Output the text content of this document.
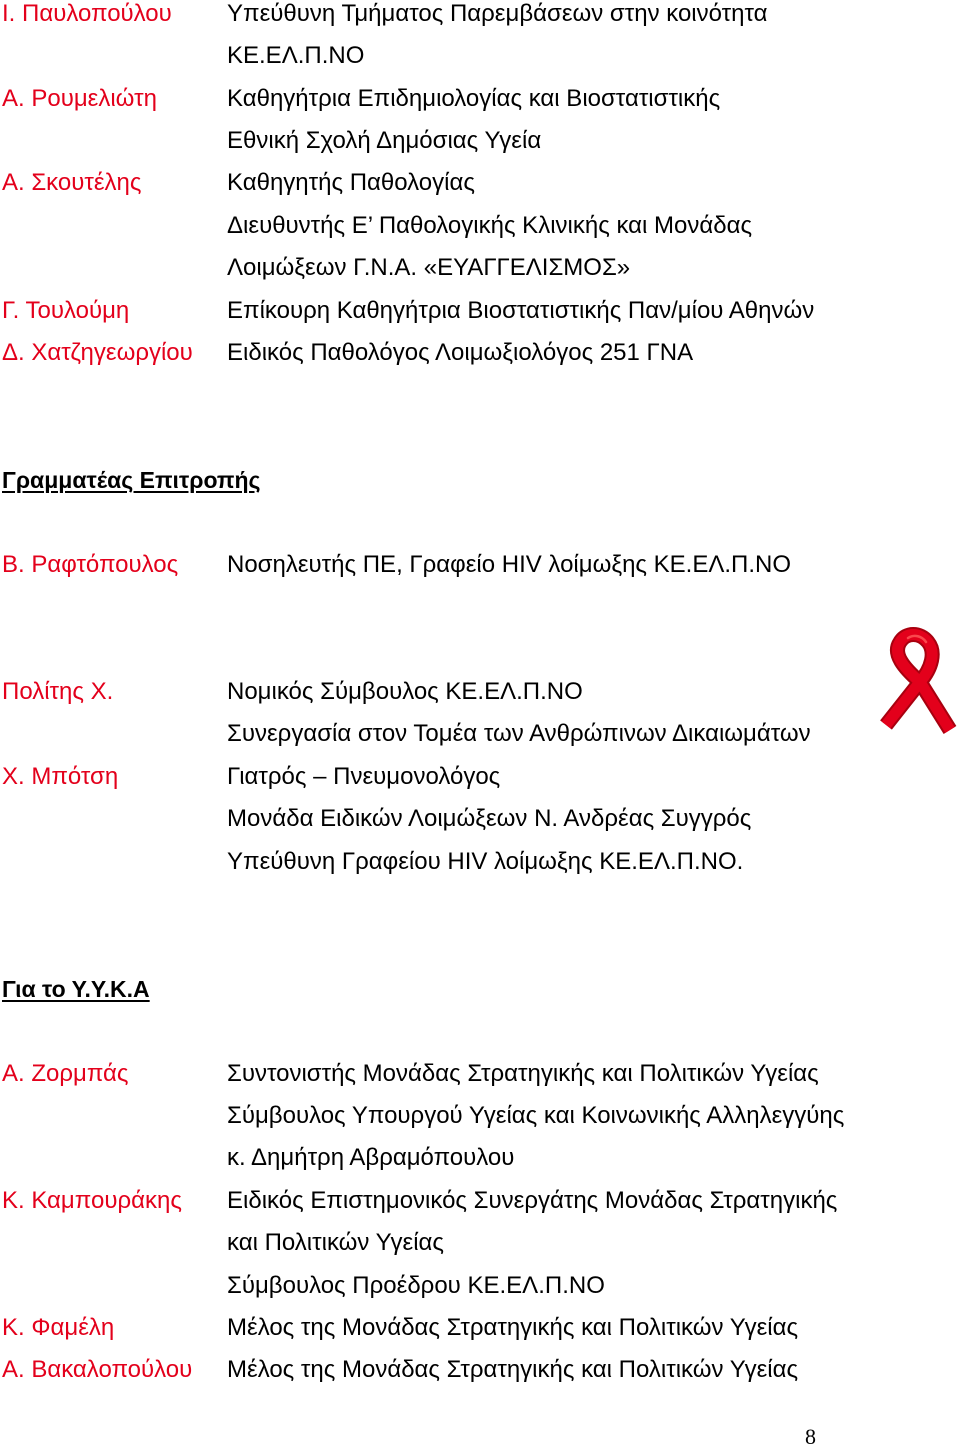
Ι. Παυλοπούλου	Υπεύθυνη Τμήματος Παρεμβάσεων στην κοινότητα
ΚΕ.ΕΛ.Π.ΝΟ
Α. Ρουμελιώτη	Καθηγήτρια Επιδημιολογίας και Βιοστατιστικής
Εθνική Σχολή Δημόσιας Υγεία
Α. Σκουτέλης	Καθηγητής Παθολογίας
Διευθυντής Ε’ Παθολογικής Κλινικής και Μονάδας
Λοιμώξεων Γ.Ν.Α. «ΕΥΑΓΓΕΛΙΣΜΟΣ»
Γ. Τουλούμη	Επίκουρη Καθηγήτρια Βιοστατιστικής Παν/μίου Αθηνών
Δ. Χατζηγεωργίου	Ειδικός Παθολόγος Λοιμωξιολόγος 251 ΓΝΑ
Γραμματέας Επιτροπής
Β. Ραφτόπουλος	Νοσηλευτής ΠΕ, Γραφείο HIV λοίμωξης ΚΕ.ΕΛ.Π.ΝΟ
Πολίτης Χ.	Νομικός Σύμβουλος ΚΕ.ΕΛ.Π.ΝΟ
Συνεργασία στον Τομέα των Ανθρώπινων Δικαιωμάτων
Χ. Μπότση	Γιατρός – Πνευμονολόγος
Μονάδα Ειδικών Λοιμώξεων Ν. Ανδρέας Συγγρός
Υπεύθυνη Γραφείου HIV λοίμωξης ΚΕ.ΕΛ.Π.ΝΟ.
Για το Υ.Υ.Κ.Α
Α. Ζορμπάς	Συντονιστής Μονάδας Στρατηγικής και Πολιτικών Υγείας
Σύμβουλος Υπουργού Υγείας και Κοινωνικής Αλληλεγγύης
κ. Δημήτρη Αβραμόπουλου
Κ. Καμπουράκης	Ειδικός Επιστημονικός Συνεργάτης Μονάδας Στρατηγικής
και Πολιτικών Υγείας
Σύμβουλος Προέδρου ΚΕ.ΕΛ.Π.ΝΟ
Κ. Φαμέλη	Μέλος της Μονάδας Στρατηγικής και Πολιτικών Υγείας
Α. Βακαλοπούλου	Μέλος της Μονάδας Στρατηγικής και Πολιτικών Υγείας
8
